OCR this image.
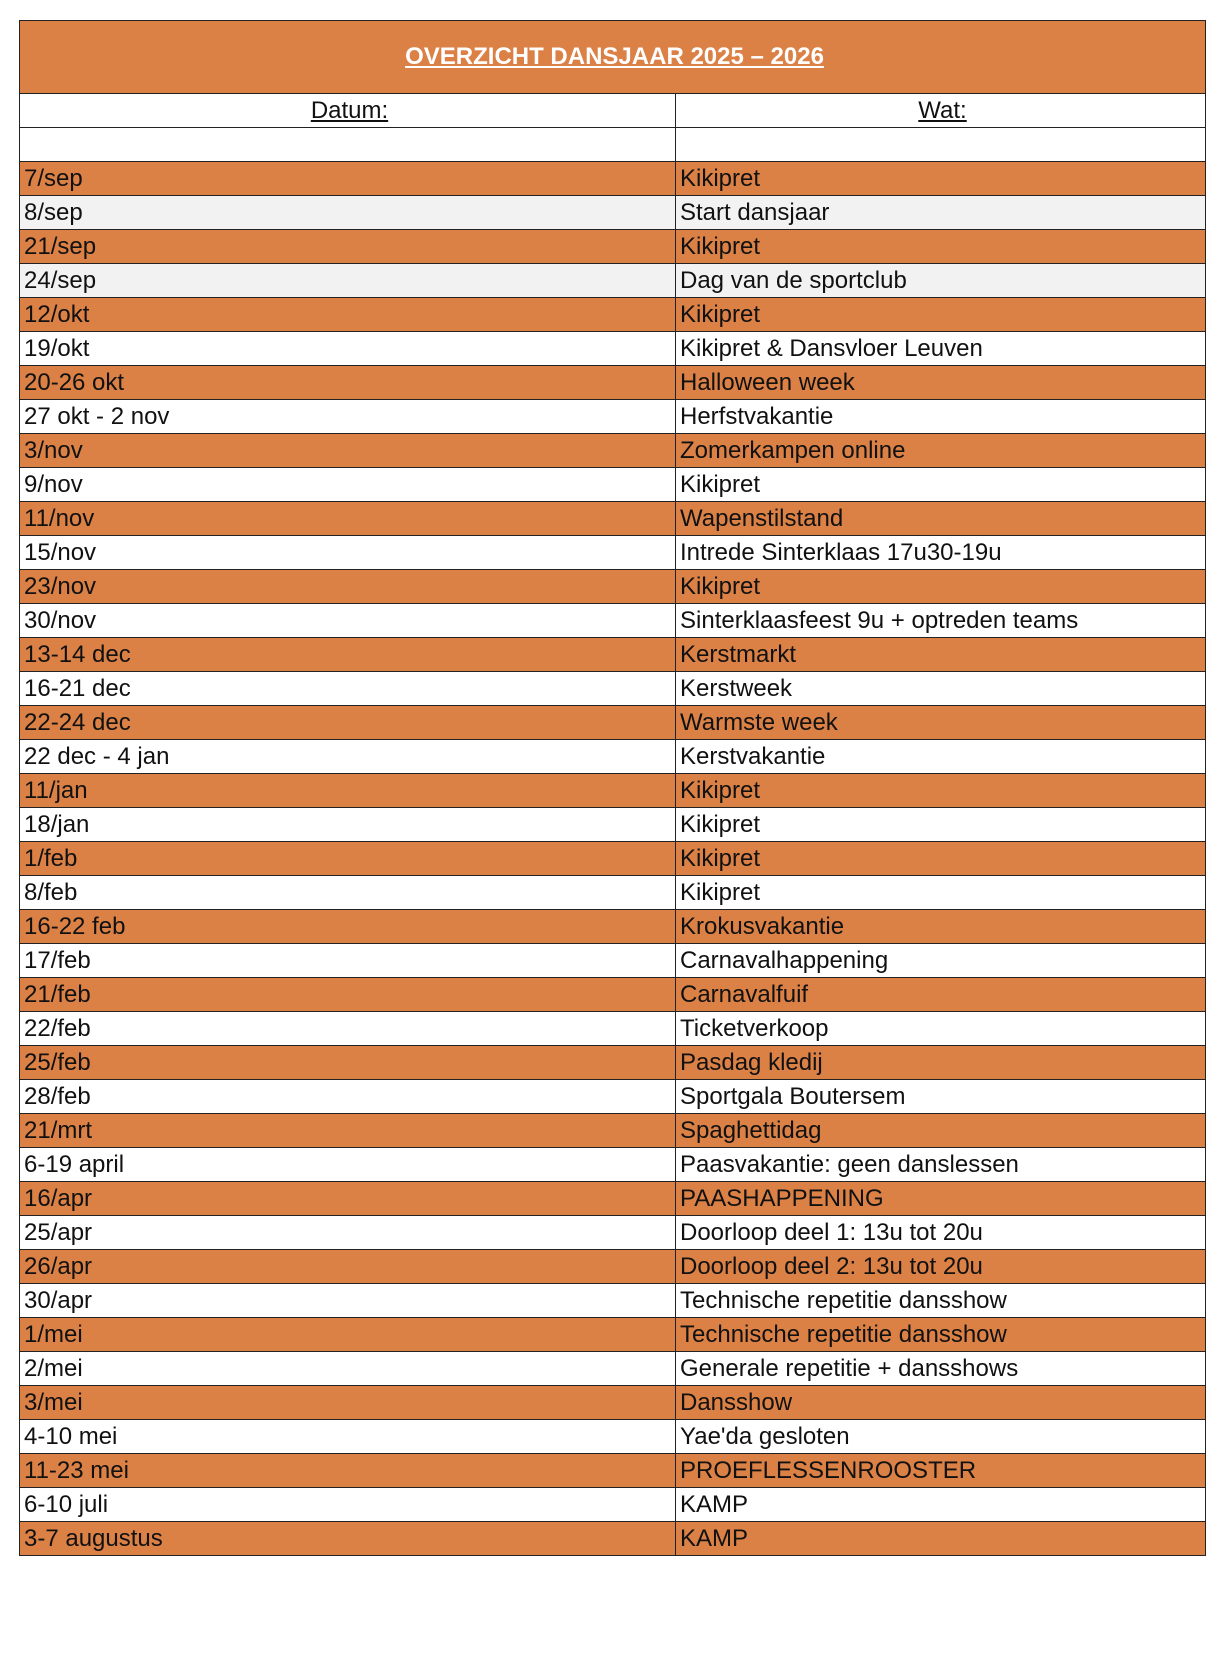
OVERZICHT DANSJAAR 2025 – 2026	
Datum:	Wat:

7/sep	Kikipret
8/sep	Start dansjaar
21/sep	Kikipret
24/sep	Dag van de sportclub
12/okt	Kikipret
19/okt	Kikipret & Dansvloer Leuven
20-26 okt	Halloween week
27 okt - 2 nov	Herfstvakantie
3/nov	Zomerkampen online
9/nov	Kikipret
11/nov	Wapenstilstand
15/nov	Intrede Sinterklaas 17u30-19u
23/nov	Kikipret
30/nov	Sinterklaasfeest 9u + optreden teams
13-14 dec	Kerstmarkt
16-21 dec	Kerstweek
22-24 dec	Warmste week
22 dec - 4 jan	Kerstvakantie
11/jan	Kikipret
18/jan	Kikipret
1/feb	Kikipret
8/feb	Kikipret
16-22 feb	Krokusvakantie
17/feb	Carnavalhappening
21/feb	Carnavalfuif
22/feb	Ticketverkoop
25/feb	Pasdag kledij
28/feb	Sportgala Boutersem
21/mrt	Spaghettidag
6-19 april	Paasvakantie: geen danslessen
16/apr	PAASHAPPENING
25/apr	Doorloop deel 1: 13u tot 20u
26/apr	Doorloop deel 2: 13u tot 20u
30/apr	Technische repetitie dansshow
1/mei	Technische repetitie dansshow
2/mei	Generale repetitie + dansshows
3/mei	Dansshow
4-10 mei	Yae'da gesloten
11-23 mei	PROEFLESSENROOSTER
6-10 juli	KAMP
3-7 augustus	KAMP
